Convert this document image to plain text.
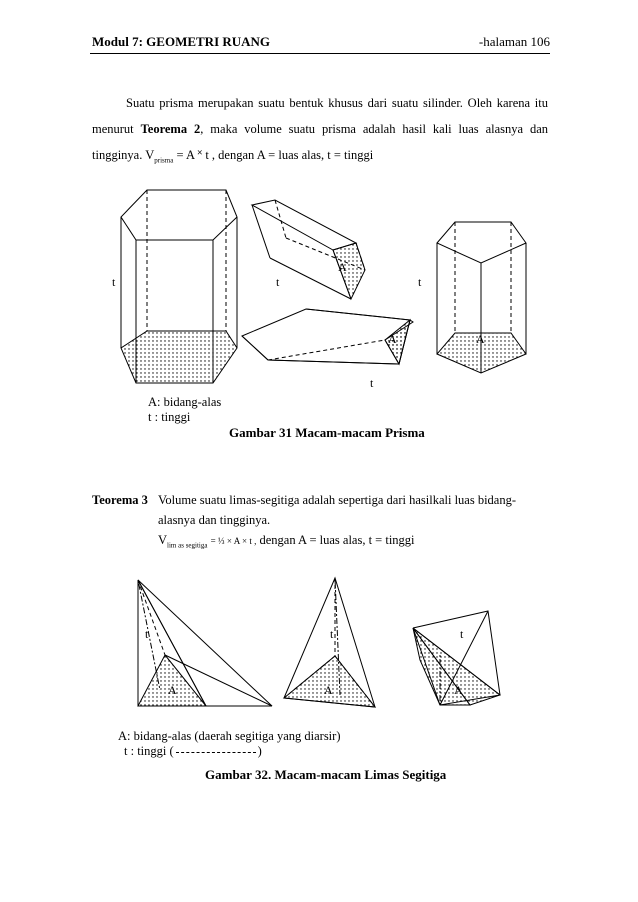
Modul 7: GEOMETRI RUANG	-halaman 106
Suatu prisma merupakan suatu bentuk khusus dari suatu silinder. Oleh karena itu menurut Teorema 2, maka volume suatu prisma adalah hasil kali luas alasnya dan tingginya. $V_{prisma} = A$ ˟ t , dengan A = luas alas, t = tinggi
t	t	t
t
A
A	A
A: bidang-alas
t : tinggi
Gambar 31 Macam-macam Prisma
Teorema 3 Volume suatu limas-segitiga adalah sepertiga dari hasilkali luas bidang-
alasnya dan tingginya.
$V_{lim as segitiga}$ = ⅓ × A × t , dengan A = luas alas, t = tinggi
t	t	t
A	A	A
A: bidang-alas (daerah segitiga yang diarsir)
t : tinggi (	)
Gambar 32. Macam-macam Limas Segitiga
